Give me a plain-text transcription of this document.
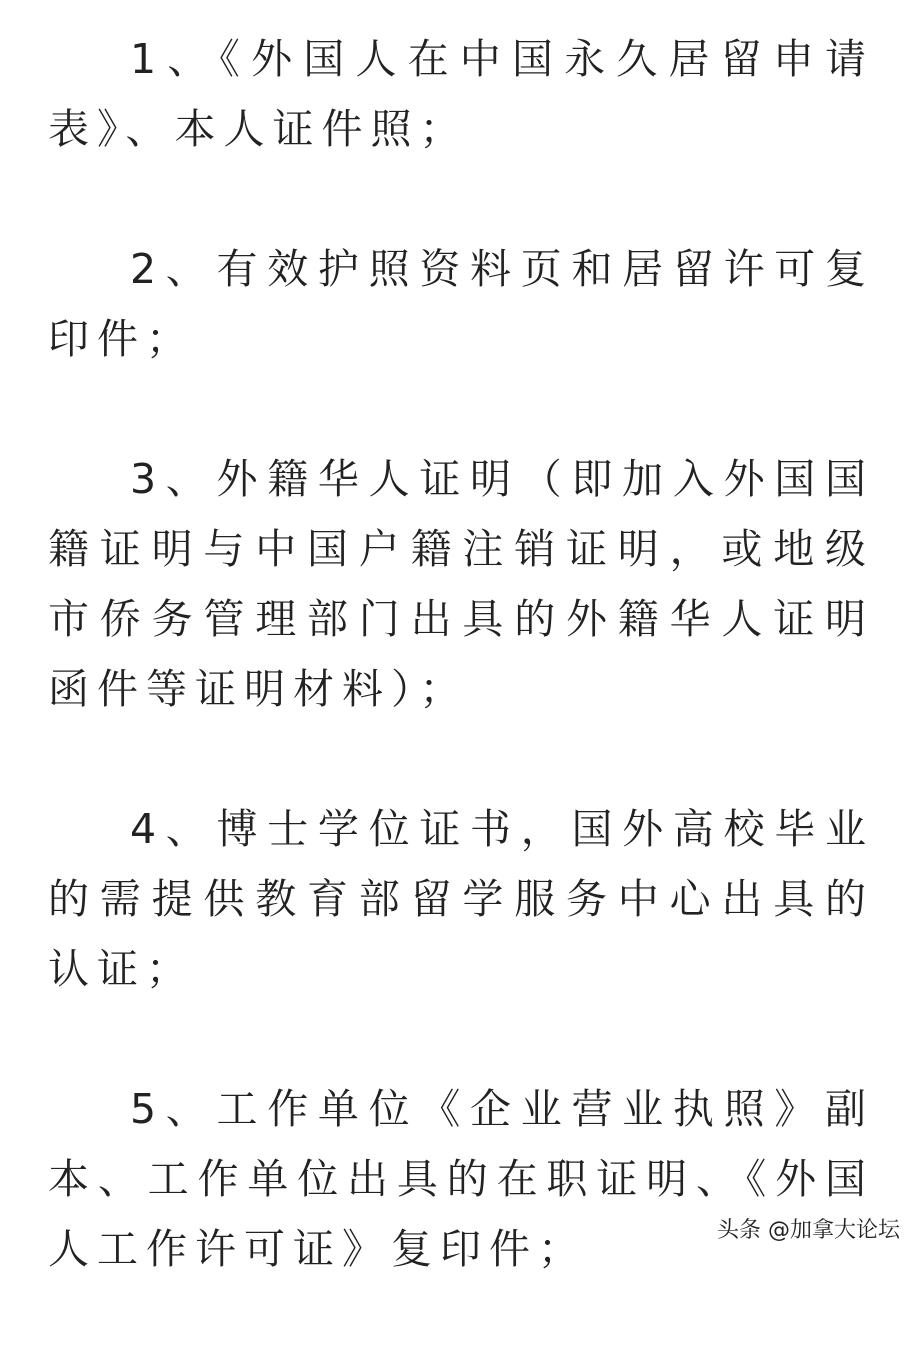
1、《外国人在中国永久居留申请表》、本人证件照；

2、有效护照资料页和居留许可复印件；

3、外籍华人证明（即加入外国国籍证明与中国户籍注销证明，或地级市侨务管理部门出具的外籍华人证明函件等证明材料）；

4、博士学位证书，国外高校毕业的需提供教育部留学服务中心出具的认证；

5、工作单位《企业营业执照》副本、工作单位出具的在职证明、《外国人工作许可证》复印件；	头条 @加拿大论坛
